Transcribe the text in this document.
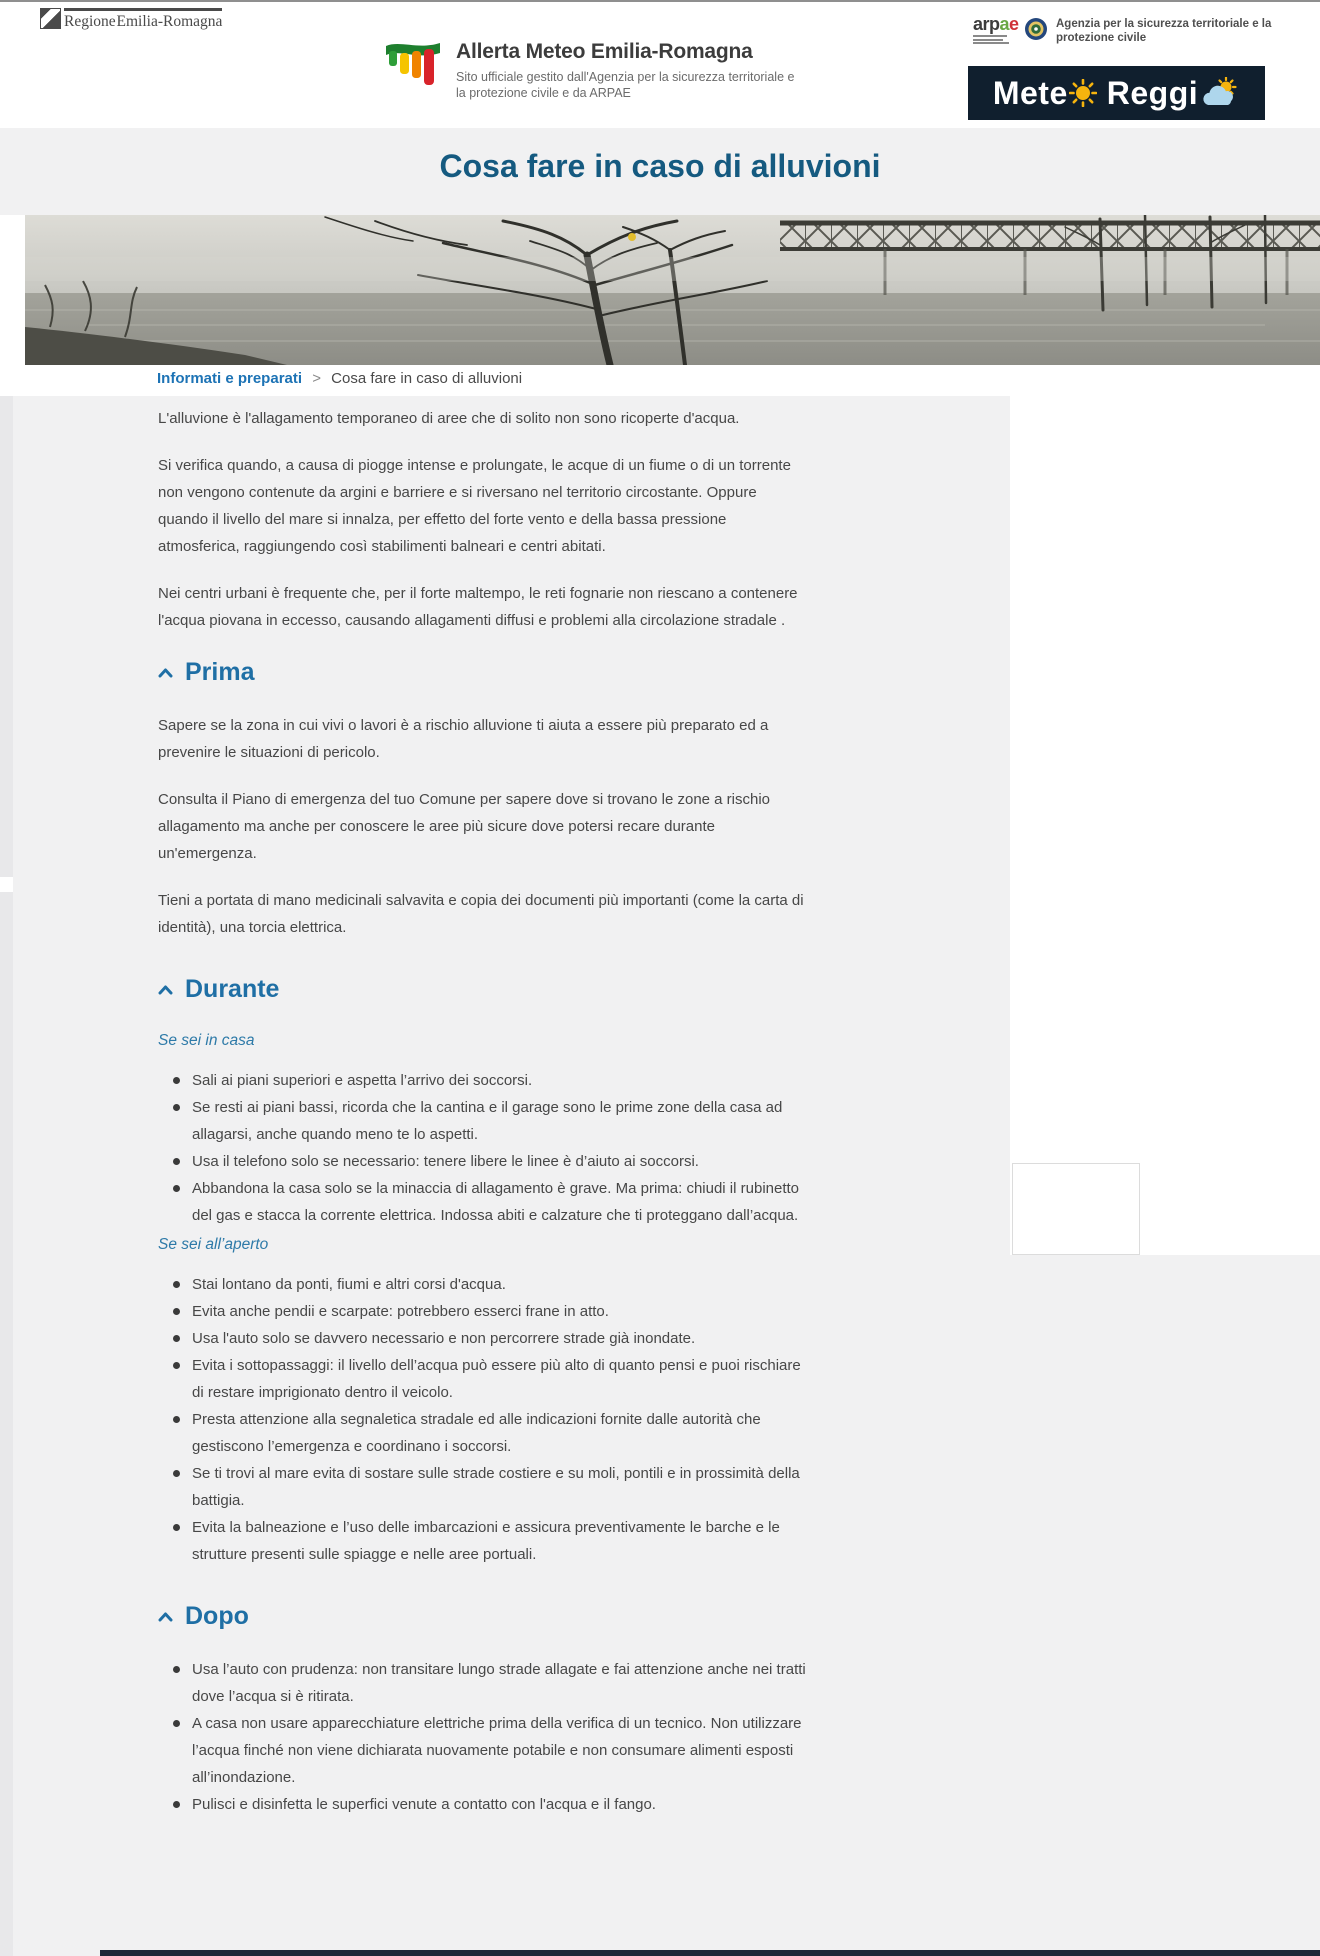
Regione Emilia-Romagna
Allerta Meteo Emilia-Romagna
Sito ufficiale gestito dall'Agenzia per la sicurezza territoriale e
la protezione civile e da ARPAE
arpae	Agenzia per la sicurezza territoriale e la
protezione civile
Mete Reggi
Cosa fare in caso di alluvioni
Informati e preparati > Cosa fare in caso di alluvioni

L'alluvione è l'allagamento temporaneo di aree che di solito non sono ricoperte d'acqua.

Si verifica quando, a causa di piogge intense e prolungate, le acque di un fiume o di un torrente non vengono contenute da argini e barriere e si riversano nel territorio circostante. Oppure quando il livello del mare si innalza, per effetto del forte vento e della bassa pressione atmosferica, raggiungendo così stabilimenti balneari e centri abitati.

Nei centri urbani è frequente che, per il forte maltempo, le reti fognarie non riescano a contenere l'acqua piovana in eccesso, causando allagamenti diffusi e problemi alla circolazione stradale .

Prima

Sapere se la zona in cui vivi o lavori è a rischio alluvione ti aiuta a essere più preparato ed a prevenire le situazioni di pericolo.

Consulta il Piano di emergenza del tuo Comune per sapere dove si trovano le zone a rischio allagamento ma anche per conoscere le aree più sicure dove potersi recare durante un'emergenza.

Tieni a portata di mano medicinali salvavita e copia dei documenti più importanti (come la carta di identità), una torcia elettrica.

Durante
Se sei in casa
Sali ai piani superiori e aspetta l’arrivo dei soccorsi.
Se resti ai piani bassi, ricorda che la cantina e il garage sono le prime zone della casa ad allagarsi, anche quando meno te lo aspetti.
Usa il telefono solo se necessario: tenere libere le linee è d’aiuto ai soccorsi.
Abbandona la casa solo se la minaccia di allagamento è grave. Ma prima: chiudi il rubinetto del gas e stacca la corrente elettrica. Indossa abiti e calzature che ti proteggano dall’acqua.
Se sei all’aperto
Stai lontano da ponti, fiumi e altri corsi d'acqua.
Evita anche pendii e scarpate: potrebbero esserci frane in atto.
Usa l'auto solo se davvero necessario e non percorrere strade già inondate.
Evita i sottopassaggi: il livello dell’acqua può essere più alto di quanto pensi e puoi rischiare di restare imprigionato dentro il veicolo.
Presta attenzione alla segnaletica stradale ed alle indicazioni fornite dalle autorità che gestiscono l’emergenza e coordinano i soccorsi.
Se ti trovi al mare evita di sostare sulle strade costiere e su moli, pontili e in prossimità della battigia.
Evita la balneazione e l’uso delle imbarcazioni e assicura preventivamente le barche e le strutture presenti sulle spiagge e nelle aree portuali.
Dopo
Usa l’auto con prudenza: non transitare lungo strade allagate e fai attenzione anche nei tratti dove l’acqua si è ritirata.
A casa non usare apparecchiature elettriche prima della verifica di un tecnico. Non utilizzare l’acqua finché non viene dichiarata nuovamente potabile e non consumare alimenti esposti all’inondazione.
Pulisci e disinfetta le superfici venute a contatto con l'acqua e il fango.
